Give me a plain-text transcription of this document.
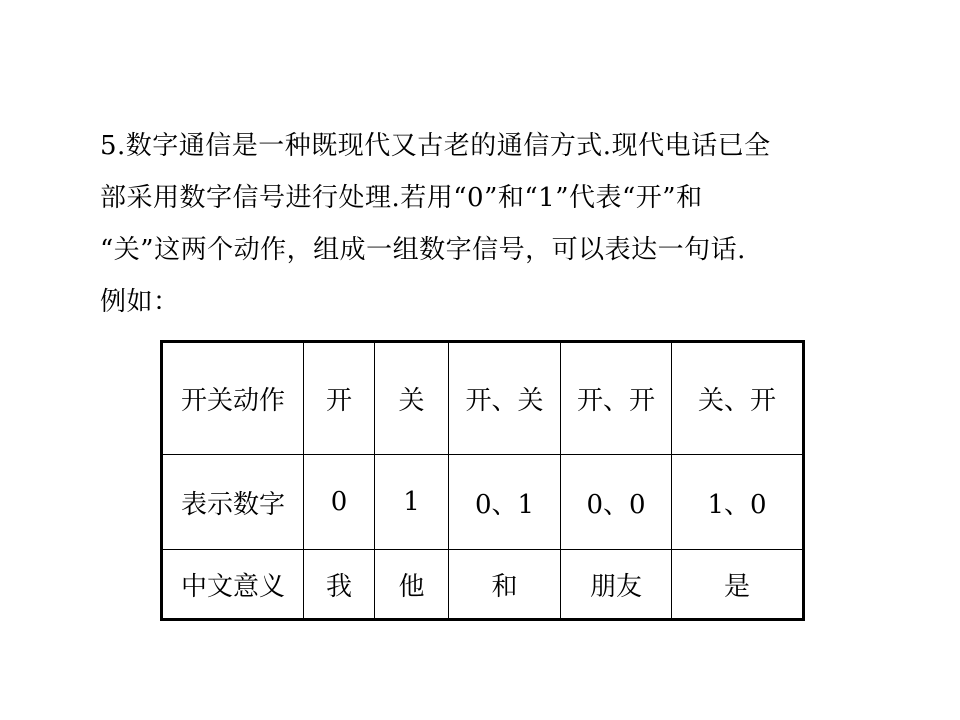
5.数字通信是一种既现代又古老的通信方式.现代电话已全
部采用数字信号进行处理.若用“0”和“1”代表“开”和
“关”这两个动作，组成一组数字信号，可以表达一句话.
例如：
开关动作	开	关	开、关	开、开	关、开
表示数字	0	1	0、1	0、0	1、0
中文意义	我	他	和	朋友	是
